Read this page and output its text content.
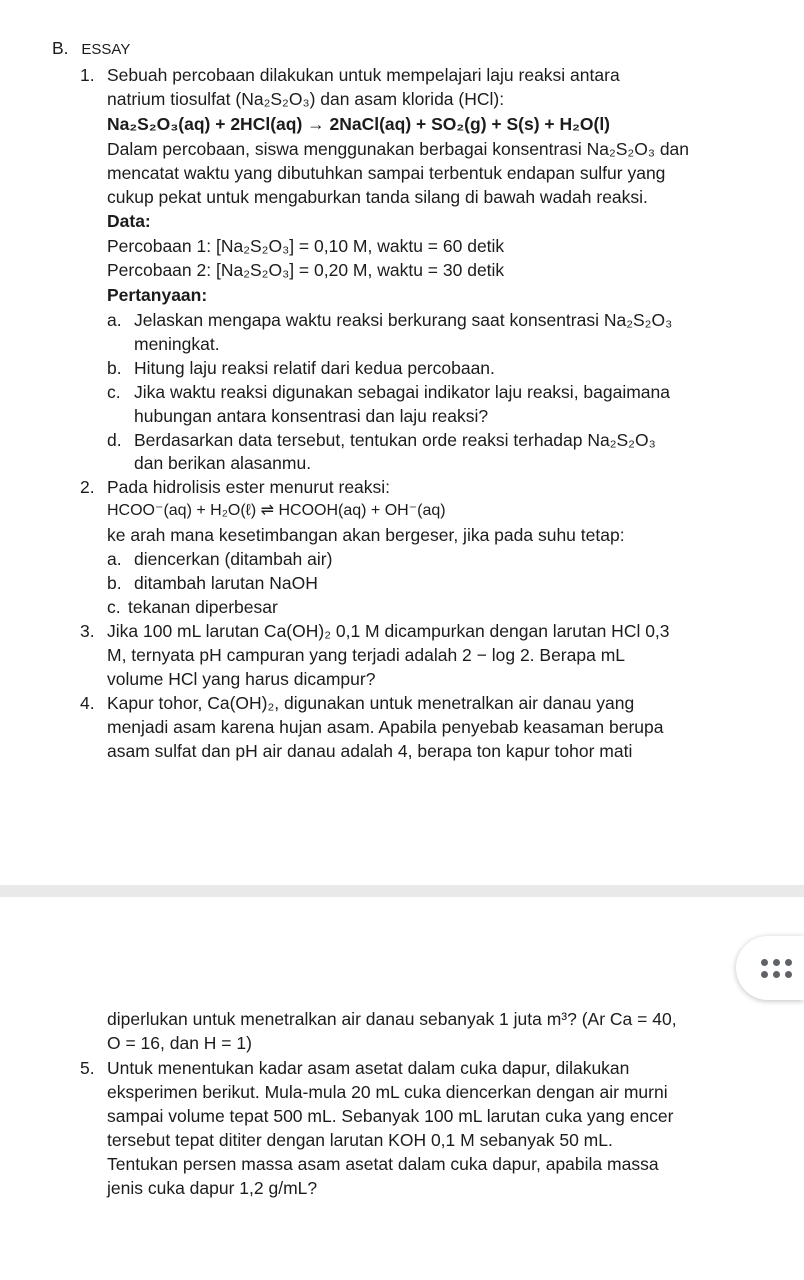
B. ESSAY
1. Sebuah percobaan dilakukan untuk mempelajari laju reaksi antara
natrium tiosulfat (Na₂S₂O₃) dan asam klorida (HCl):
Na₂S₂O₃(aq) + 2HCl(aq) → 2NaCl(aq) + SO₂(g) + S(s) + H₂O(l)
Dalam percobaan, siswa menggunakan berbagai konsentrasi Na₂S₂O₃ dan
mencatat waktu yang dibutuhkan sampai terbentuk endapan sulfur yang
cukup pekat untuk mengaburkan tanda silang di bawah wadah reaksi.
Data:
Percobaan 1: [Na₂S₂O₃] = 0,10 M, waktu = 60 detik
Percobaan 2: [Na₂S₂O₃] = 0,20 M, waktu = 30 detik
Pertanyaan:
a. Jelaskan mengapa waktu reaksi berkurang saat konsentrasi Na₂S₂O₃
meningkat.
b. Hitung laju reaksi relatif dari kedua percobaan.
c. Jika waktu reaksi digunakan sebagai indikator laju reaksi, bagaimana
hubungan antara konsentrasi dan laju reaksi?
d. Berdasarkan data tersebut, tentukan orde reaksi terhadap Na₂S₂O₃
dan berikan alasanmu.
2. Pada hidrolisis ester menurut reaksi:
HCOO⁻(aq) + H₂O(ℓ) ⇌ HCOOH(aq) + OH⁻(aq)
ke arah mana kesetimbangan akan bergeser, jika pada suhu tetap:
a. diencerkan (ditambah air)
b. ditambah larutan NaOH
c. tekanan diperbesar
3. Jika 100 mL larutan Ca(OH)₂ 0,1 M dicampurkan dengan larutan HCl 0,3
M, ternyata pH campuran yang terjadi adalah 2 − log 2. Berapa mL
volume HCl yang harus dicampur?
4. Kapur tohor, Ca(OH)₂, digunakan untuk menetralkan air danau yang
menjadi asam karena hujan asam. Apabila penyebab keasaman berupa
asam sulfat dan pH air danau adalah 4, berapa ton kapur tohor mati
diperlukan untuk menetralkan air danau sebanyak 1 juta m³? (Ar Ca = 40,
O = 16, dan H = 1)
5. Untuk menentukan kadar asam asetat dalam cuka dapur, dilakukan
eksperimen berikut. Mula-mula 20 mL cuka diencerkan dengan air murni
sampai volume tepat 500 mL. Sebanyak 100 mL larutan cuka yang encer
tersebut tepat dititer dengan larutan KOH 0,1 M sebanyak 50 mL.
Tentukan persen massa asam asetat dalam cuka dapur, apabila massa
jenis cuka dapur 1,2 g/mL?
